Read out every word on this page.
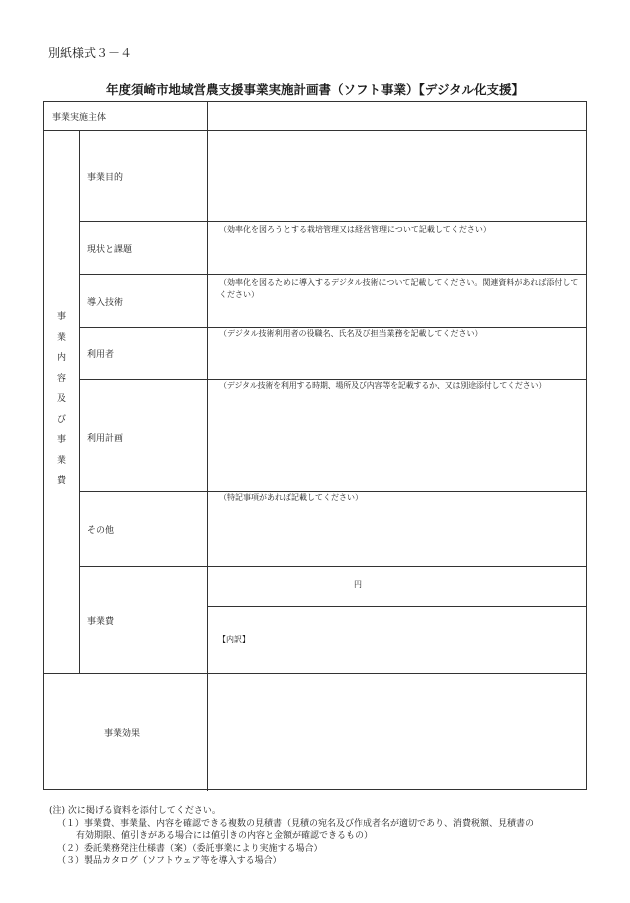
別紙様式３－４
年度須崎市地域営農支援事業実施計画書（ソフト事業）【デジタル化支援】
事業実施主体
事
業
内
容
及
び
事
業
費
事業目的
現状と課題
導入技術
利用者
利用計画
その他
事業費
（効率化を図ろうとする栽培管理又は経営管理について記載してください）
（効率化を図るために導入するデジタル技術について記載してください。関連資料があれば添付してください）
（デジタル技術利用者の役職名、氏名及び担当業務を記載してください）
（デジタル技術を利用する時期、場所及び内容等を記載するか、又は別途添付してください）
（特記事項があれば記載してください）
円
【内訳】
事業効果
(注) 次に掲げる資料を添付してください。
（１）事業費、事業量、内容を確認できる複数の見積書（見積の宛名及び作成者名が適切であり、消費税額、見積書の
有効期限、値引きがある場合には値引きの内容と金額が確認できるもの）
（２）委託業務発注仕様書（案）（委託事業により実施する場合）
（３）製品カタログ（ソフトウェア等を導入する場合）
